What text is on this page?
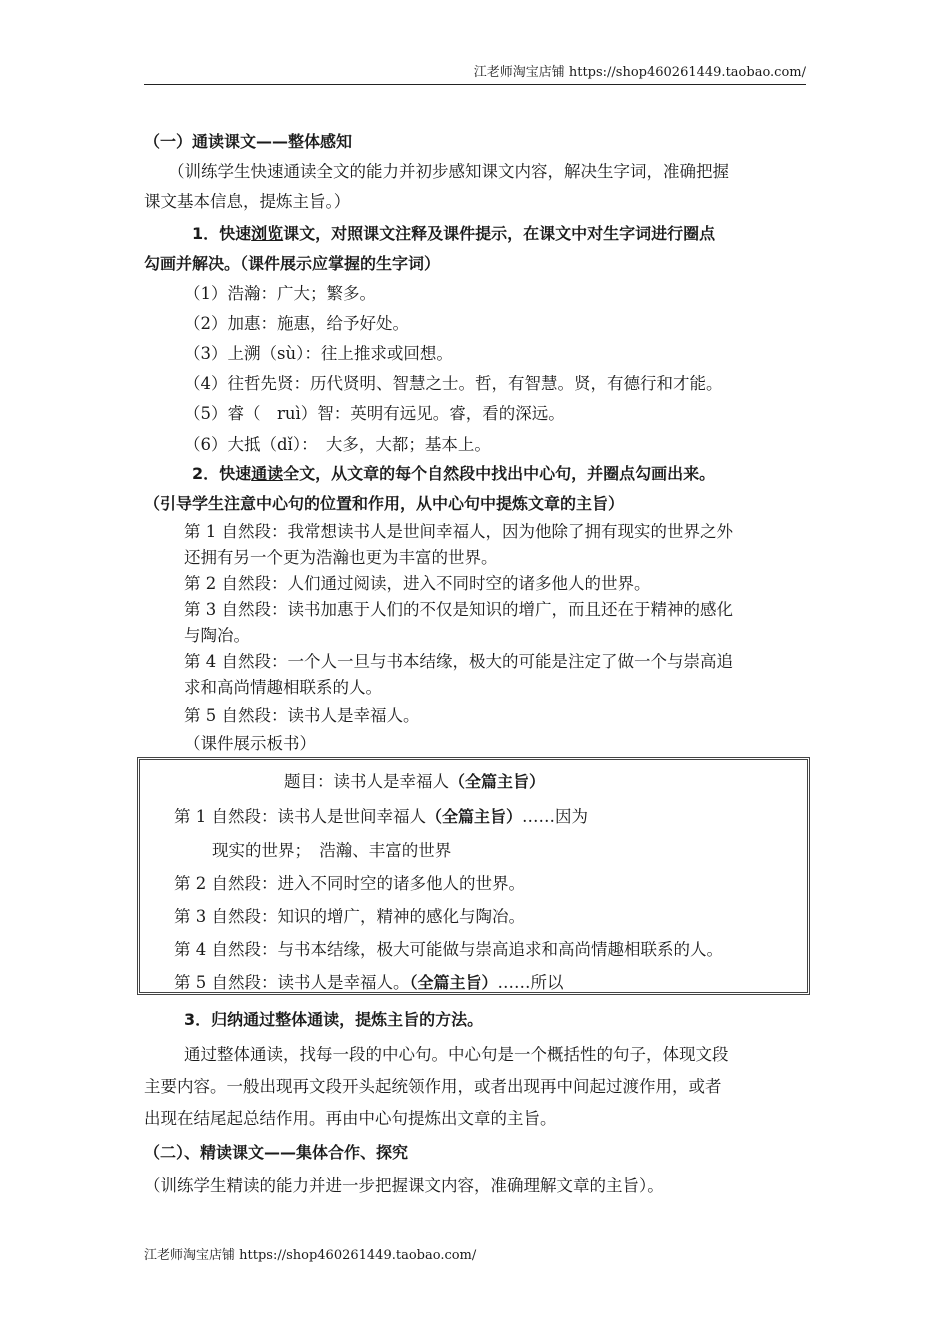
江老师淘宝店铺 https://shop460261449.taobao.com/
（一）通读课文——整体感知
（训练学生快速通读全文的能力并初步感知课文内容，解决生字词，准确把握
课文基本信息，提炼主旨。）
1．快速浏览课文，对照课文注释及课件提示，在课文中对生字词进行圈点
勾画并解决。（课件展示应掌握的生字词）
（1）浩瀚：广大；繁多。
（2）加惠：施惠，给予好处。
（3）上溯（sù）：往上推求或回想。
（4）往哲先贤：历代贤明、智慧之士。哲，有智慧。贤，有德行和才能。
（5）睿（　ruì）智：英明有远见。睿，看的深远。
（6）大抵（dǐ）：　大多，大都；基本上。
2．快速通读全文，从文章的每个自然段中找出中心句，并圈点勾画出来。
（引导学生注意中心句的位置和作用，从中心句中提炼文章的主旨）
第 1 自然段：我常想读书人是世间幸福人，因为他除了拥有现实的世界之外
还拥有另一个更为浩瀚也更为丰富的世界。
第 2 自然段：人们通过阅读，进入不同时空的诸多他人的世界。
第 3 自然段：读书加惠于人们的不仅是知识的增广，而且还在于精神的感化
与陶冶。
第 4 自然段：一个人一旦与书本结缘，极大的可能是注定了做一个与崇高追
求和高尚情趣相联系的人。
第 5 自然段：读书人是幸福人。
（课件展示板书）
题目：读书人是幸福人（全篇主旨）
第 1 自然段：读书人是世间幸福人（全篇主旨）……因为
现实的世界；　浩瀚、丰富的世界
第 2 自然段：进入不同时空的诸多他人的世界。
第 3 自然段：知识的增广，精神的感化与陶冶。
第 4 自然段：与书本结缘，极大可能做与崇高追求和高尚情趣相联系的人。
第 5 自然段：读书人是幸福人。（全篇主旨）……所以
3．归纳通过整体通读，提炼主旨的方法。
通过整体通读，找每一段的中心句。中心句是一个概括性的句子，体现文段
主要内容。一般出现再文段开头起统领作用，或者出现再中间起过渡作用，或者
出现在结尾起总结作用。再由中心句提炼出文章的主旨。
（二）、精读课文——集体合作、探究
（训练学生精读的能力并进一步把握课文内容，准确理解文章的主旨）。
江老师淘宝店铺 https://shop460261449.taobao.com/
